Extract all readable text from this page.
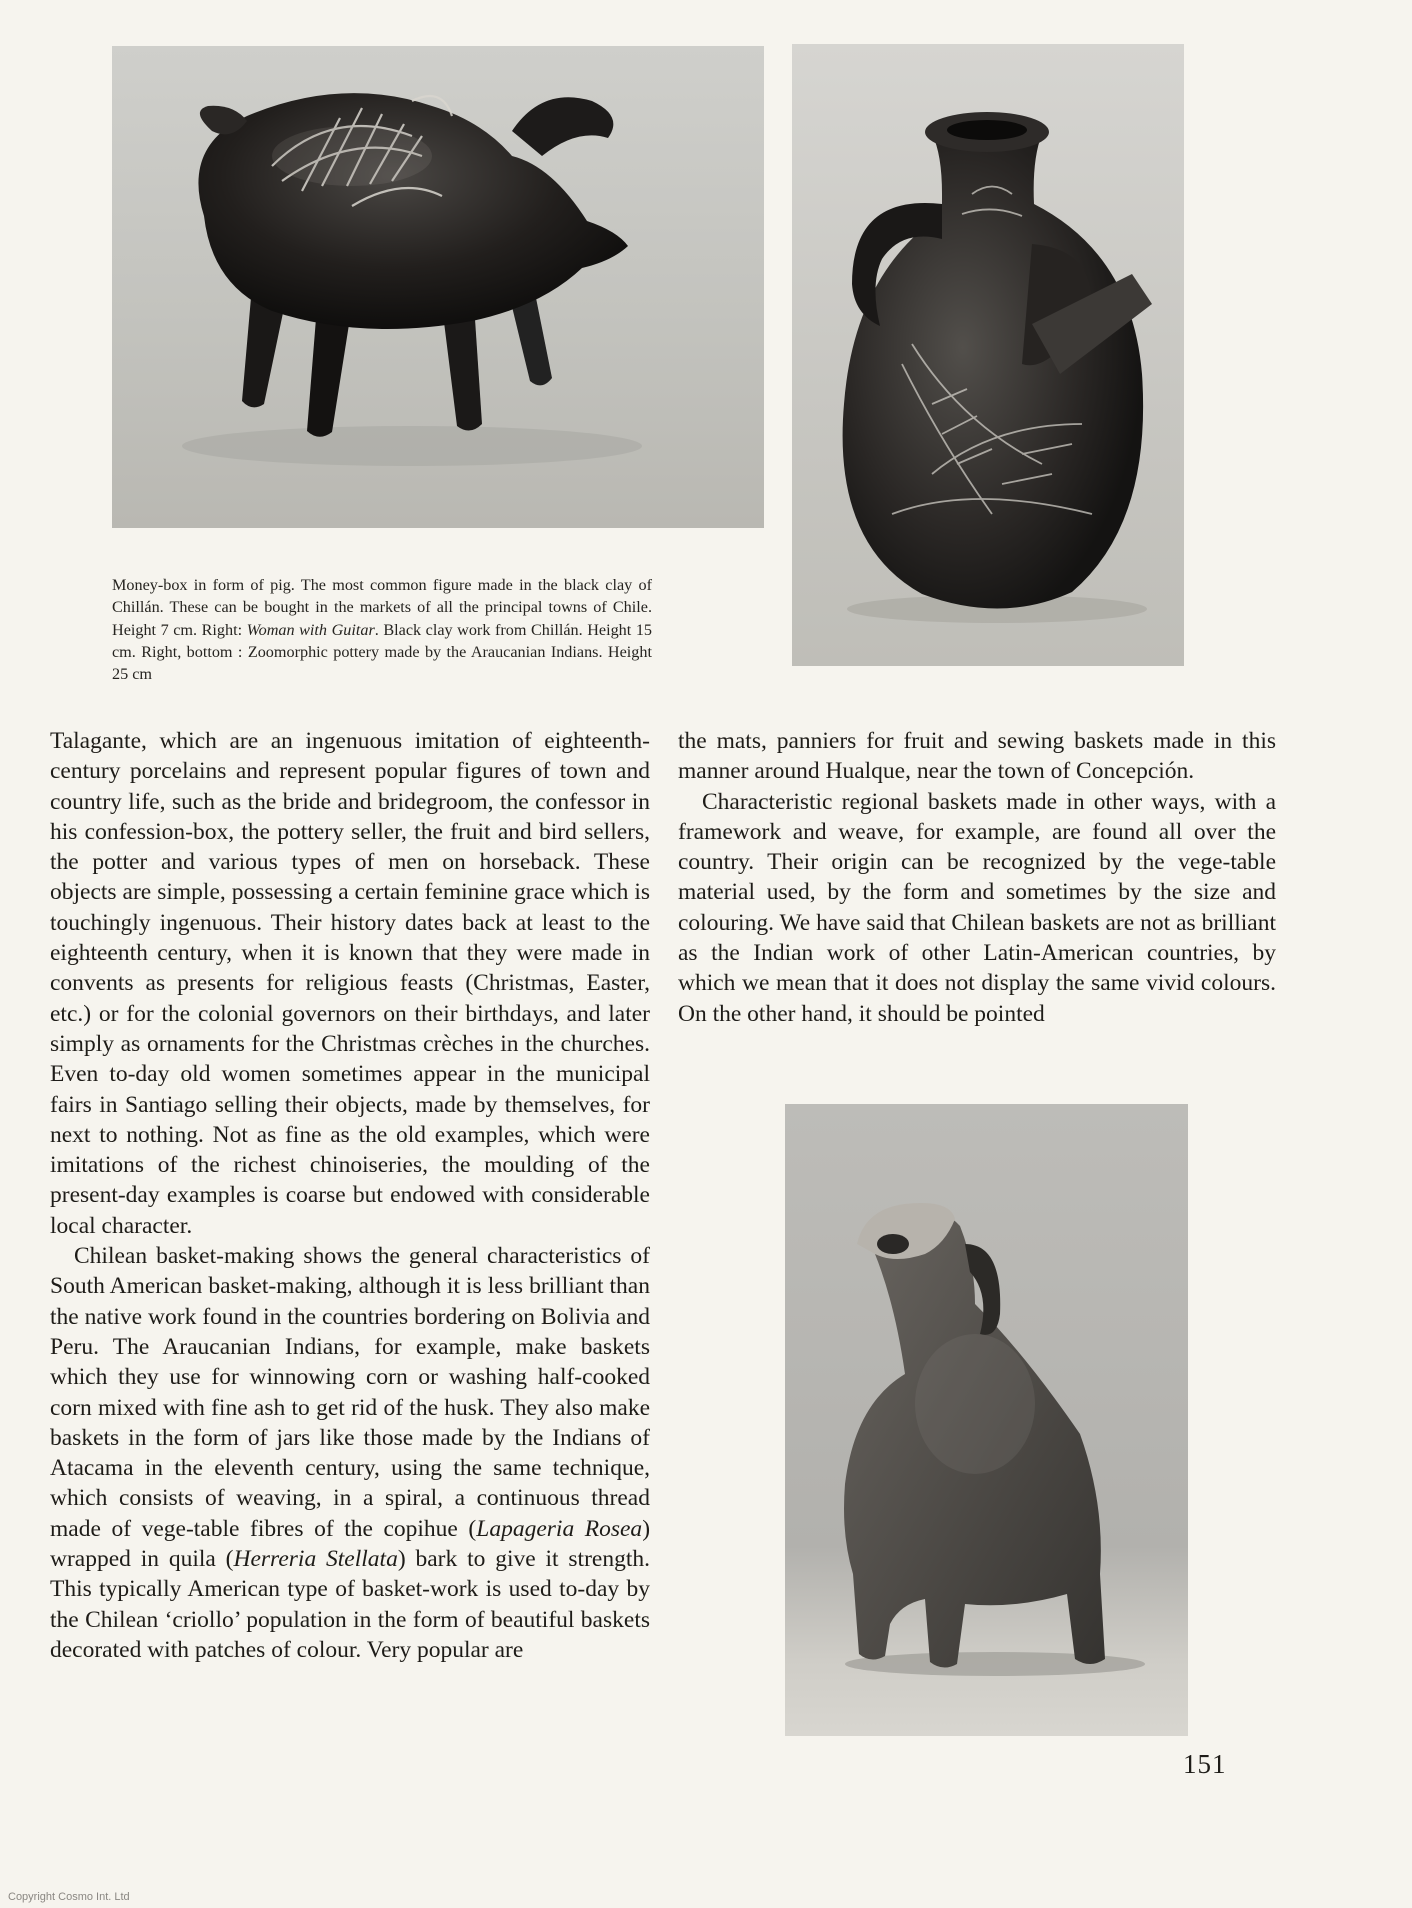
Money-box in form of pig. The most common figure made in the black clay of Chillán. These can be bought in the markets of all the principal towns of Chile. Height 7 cm. Right: Woman with Guitar. Black clay work from Chillán. Height 15 cm. Right, bottom : Zoomorphic pottery made by the Araucanian Indians. Height 25 cm

Talagante, which are an ingenuous imitation of eighteenth-century porcelains and represent popular figures of town and country life, such as the bride and bridegroom, the confessor in his confession-box, the pottery seller, the fruit and bird sellers, the potter and various types of men on horseback. These objects are simple, possessing a certain feminine grace which is touchingly ingenuous. Their history dates back at least to the eighteenth century, when it is known that they were made in convents as presents for religious feasts (Christmas, Easter, etc.) or for the colonial governors on their birthdays, and later simply as ornaments for the Christmas crèches in the churches. Even to-day old women sometimes appear in the municipal fairs in Santiago selling their objects, made by themselves, for next to nothing. Not as fine as the old examples, which were imitations of the richest chinoiseries, the moulding of the present-day examples is coarse but endowed with considerable local character.

Chilean basket-making shows the general characteristics of South American basket-making, although it is less brilliant than the native work found in the countries bordering on Bolivia and Peru. The Araucanian Indians, for example, make baskets which they use for winnowing corn or washing half-cooked corn mixed with fine ash to get rid of the husk. They also make baskets in the form of jars like those made by the Indians of Atacama in the eleventh century, using the same technique, which consists of weaving, in a spiral, a continuous thread made of vege-table fibres of the copihue (Lapageria Rosea) wrapped in quila (Herreria Stellata) bark to give it strength. This typically American type of basket-work is used to-day by the Chilean ‘criollo’ population in the form of beautiful baskets decorated with patches of colour. Very popular are

the mats, panniers for fruit and sewing baskets made in this manner around Hualque, near the town of Concepción.

Characteristic regional baskets made in other ways, with a framework and weave, for example, are found all over the country. Their origin can be recognized by the vege-table material used, by the form and sometimes by the size and colouring. We have said that Chilean baskets are not as brilliant as the Indian work of other Latin-American countries, by which we mean that it does not display the same vivid colours. On the other hand, it should be pointed

151
Copyright Cosmo Int. Ltd
